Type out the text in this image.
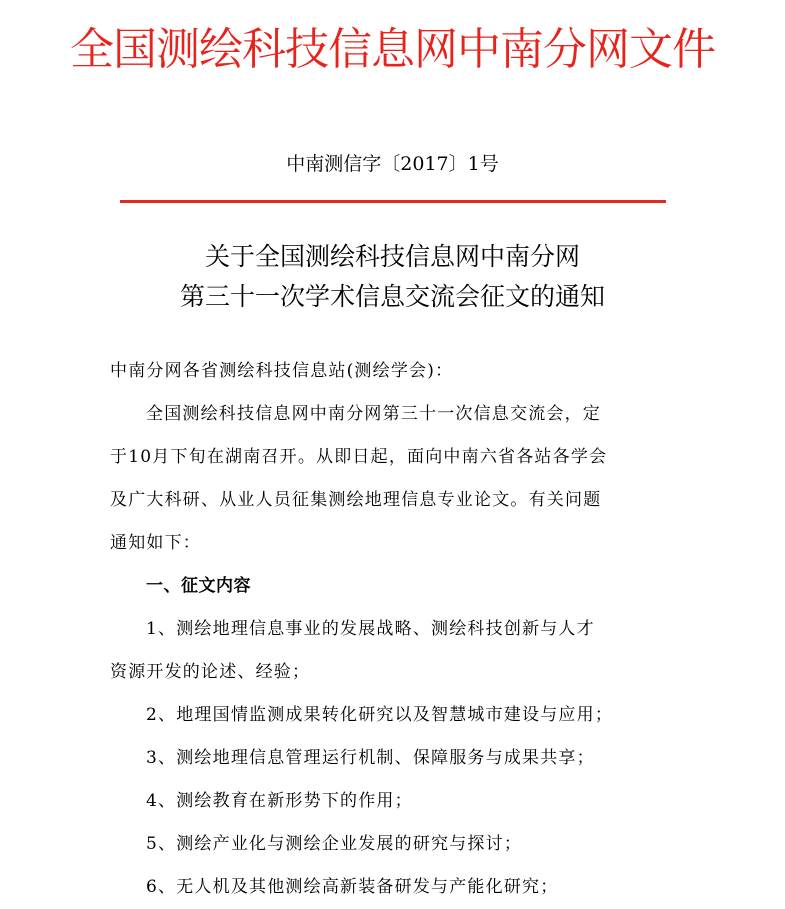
全国测绘科技信息网中南分网文件
中南测信字〔2017〕1号
关于全国测绘科技信息网中南分网
第三十一次学术信息交流会征文的通知
中南分网各省测绘科技信息站(测绘学会)：
全国测绘科技信息网中南分网第三十一次信息交流会，定
于10月下旬在湖南召开。从即日起，面向中南六省各站各学会
及广大科研、从业人员征集测绘地理信息专业论文。有关问题
通知如下：
一、征文内容
1、测绘地理信息事业的发展战略、测绘科技创新与人才
资源开发的论述、经验；
2、地理国情监测成果转化研究以及智慧城市建设与应用；
3、测绘地理信息管理运行机制、保障服务与成果共享；
4、测绘教育在新形势下的作用；
5、测绘产业化与测绘企业发展的研究与探讨；
6、无人机及其他测绘高新装备研发与产能化研究；
